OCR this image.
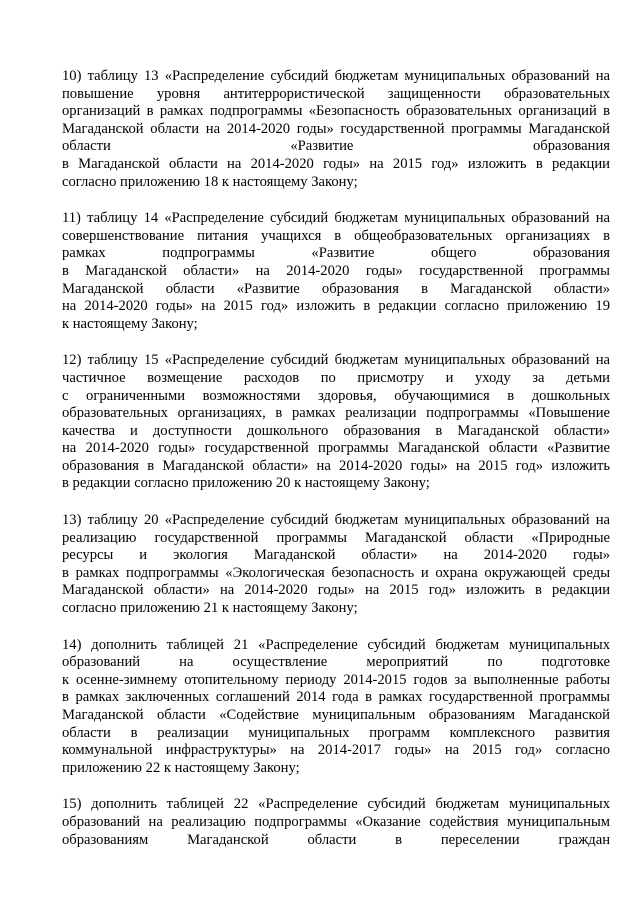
10) таблицу 13 «Распределение субсидий бюджетам муниципальных образований на
повышение уровня антитеррористической защищенности образовательных
организаций в рамках подпрограммы «Безопасность образовательных организаций в
Магаданской области на 2014-2020 годы» государственной программы Магаданской
области «Развитие образования
в Магаданской области на 2014-2020 годы» на 2015 год» изложить в редакции
согласно приложению 18 к настоящему Закону;
11) таблицу 14 «Распределение субсидий бюджетам муниципальных образований на
совершенствование питания учащихся в общеобразовательных организациях в
рамках подпрограммы «Развитие общего образования
в Магаданской области» на 2014-2020 годы» государственной программы
Магаданской области «Развитие образования в Магаданской области»
на 2014-2020 годы» на 2015 год» изложить в редакции согласно приложению 19
к настоящему Закону;
12) таблицу 15 «Распределение субсидий бюджетам муниципальных образований на
частичное возмещение расходов по присмотру и уходу за детьми
с ограниченными возможностями здоровья, обучающимися в дошкольных
образовательных организациях, в рамках реализации подпрограммы «Повышение
качества и доступности дошкольного образования в Магаданской области»
на 2014-2020 годы» государственной программы Магаданской области «Развитие
образования в Магаданской области» на 2014-2020 годы» на 2015 год» изложить
в редакции согласно приложению 20 к настоящему Закону;
13) таблицу 20 «Распределение субсидий бюджетам муниципальных образований на
реализацию государственной программы Магаданской области «Природные
ресурсы и экология Магаданской области» на 2014-2020 годы»
в рамках подпрограммы «Экологическая безопасность и охрана окружающей среды
Магаданской области» на 2014-2020 годы» на 2015 год» изложить в редакции
согласно приложению 21 к настоящему Закону;
14) дополнить таблицей 21 «Распределение субсидий бюджетам муниципальных
образований на осуществление мероприятий по подготовке
к осенне-зимнему отопительному периоду 2014-2015 годов за выполненные работы
в рамках заключенных соглашений 2014 года в рамках государственной программы
Магаданской области «Содействие муниципальным образованиям Магаданской
области в реализации муниципальных программ комплексного развития
коммунальной инфраструктуры» на 2014-2017 годы» на 2015 год» согласно
приложению 22 к настоящему Закону;
15) дополнить таблицей 22 «Распределение субсидий бюджетам муниципальных
образований на реализацию подпрограммы «Оказание содействия муниципальным
образованиям Магаданской области в переселении граждан
